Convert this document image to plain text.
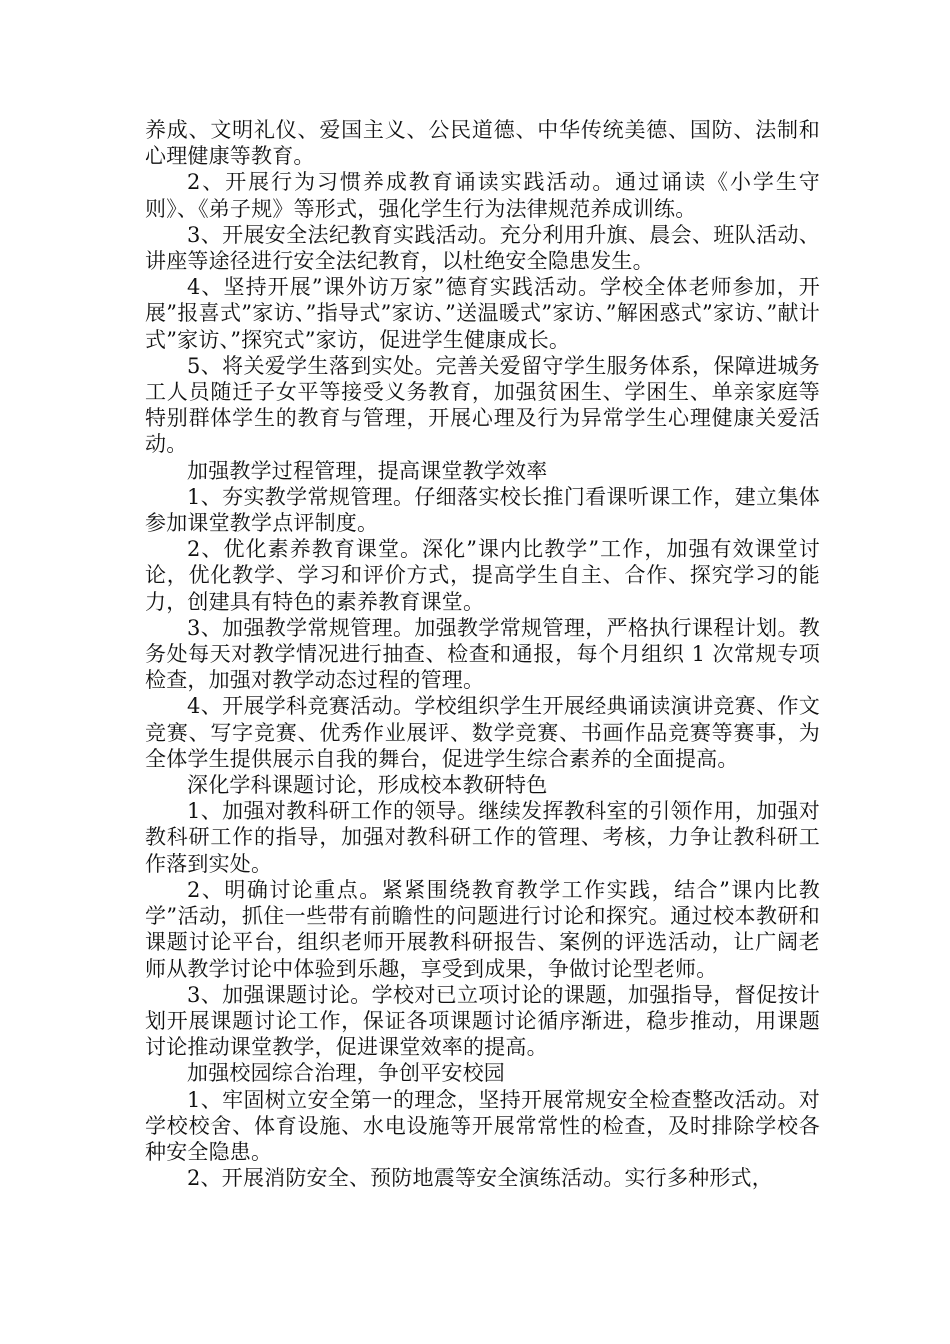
养成、文明礼仪、爱国主义、公民道德、中华传统美德、国防、法制和心理健康等教育。

2、开展行为习惯养成教育诵读实践活动。通过诵读《小学生守则》、《弟子规》等形式，强化学生行为法律规范养成训练。

3、开展安全法纪教育实践活动。充分利用升旗、晨会、班队活动、讲座等途径进行安全法纪教育，以杜绝安全隐患发生。

4、坚持开展”课外访万家”德育实践活动。学校全体老师参加，开展”报喜式”家访、”指导式”家访、”送温暖式”家访、”解困惑式”家访、”献计式”家访、”探究式”家访，促进学生健康成长。

5、将关爱学生落到实处。完善关爱留守学生服务体系，保障进城务工人员随迁子女平等接受义务教育，加强贫困生、学困生、单亲家庭等特别群体学生的教育与管理，开展心理及行为异常学生心理健康关爱活动。

加强教学过程管理，提高课堂教学效率

1、夯实教学常规管理。仔细落实校长推门看课听课工作，建立集体参加课堂教学点评制度。

2、优化素养教育课堂。深化”课内比教学”工作，加强有效课堂讨论，优化教学、学习和评价方式，提高学生自主、合作、探究学习的能力，创建具有特色的素养教育课堂。

3、加强教学常规管理。加强教学常规管理，严格执行课程计划。教务处每天对教学情况进行抽查、检查和通报，每个月组织 1 次常规专项检查，加强对教学动态过程的管理。

4、开展学科竞赛活动。学校组织学生开展经典诵读演讲竞赛、作文竞赛、写字竞赛、优秀作业展评、数学竞赛、书画作品竞赛等赛事，为全体学生提供展示自我的舞台，促进学生综合素养的全面提高。

深化学科课题讨论，形成校本教研特色

1、加强对教科研工作的领导。继续发挥教科室的引领作用，加强对教科研工作的指导，加强对教科研工作的管理、考核，力争让教科研工作落到实处。

2、明确讨论重点。紧紧围绕教育教学工作实践，结合”课内比教学”活动，抓住一些带有前瞻性的问题进行讨论和探究。通过校本教研和课题讨论平台，组织老师开展教科研报告、案例的评选活动，让广阔老师从教学讨论中体验到乐趣，享受到成果，争做讨论型老师。

3、加强课题讨论。学校对已立项讨论的课题，加强指导，督促按计划开展课题讨论工作，保证各项课题讨论循序渐进，稳步推动，用课题讨论推动课堂教学，促进课堂效率的提高。

加强校园综合治理，争创平安校园

1、牢固树立安全第一的理念，坚持开展常规安全检查整改活动。对学校校舍、体育设施、水电设施等开展常常性的检查，及时排除学校各种安全隐患。

2、开展消防安全、预防地震等安全演练活动。实行多种形式，
